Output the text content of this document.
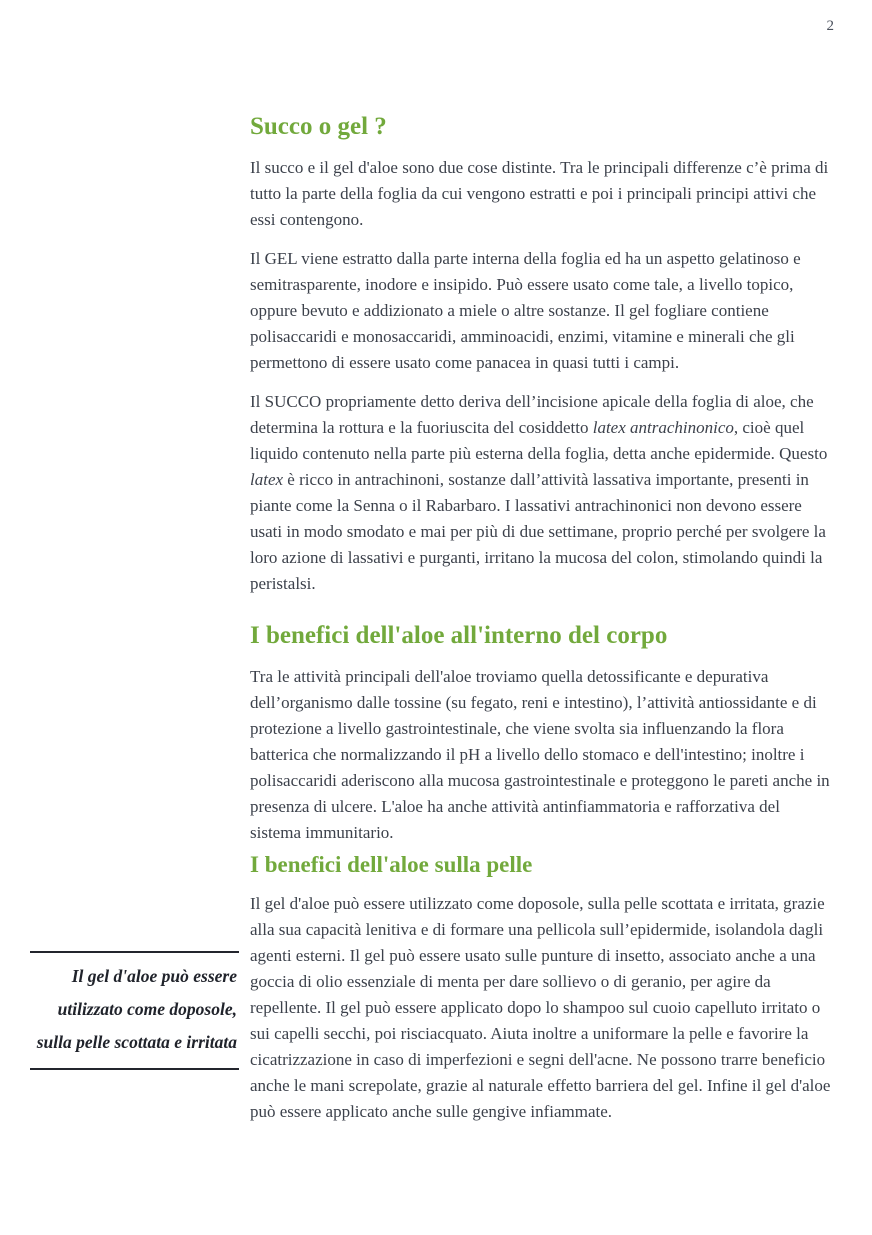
2
Succo o gel ?

Il succo e il gel d'aloe sono due cose distinte. Tra le principali differenze c’è prima di tutto la parte della foglia da cui vengono estratti e poi i principali principi attivi che essi contengono.

Il GEL viene estratto dalla parte interna della foglia ed ha un aspetto gelatinoso e semitrasparente, inodore e insipido. Può essere usato come tale, a livello topico, oppure bevuto e addizionato a miele o altre sostanze. Il gel fogliare contiene polisaccaridi e monosaccaridi, amminoacidi, enzimi, vitamine e minerali che gli permettono di essere usato come panacea in quasi tutti i campi.

Il SUCCO propriamente detto deriva dell’incisione apicale della foglia di aloe, che determina la rottura e la fuoriuscita del cosiddetto latex antrachinonico, cioè quel liquido contenuto nella parte più esterna della foglia, detta anche epidermide. Questo latex è ricco in antrachinoni, sostanze dall’attività lassativa importante, presenti in piante come la Senna o il Rabarbaro. I lassativi antrachinonici non devono essere usati in modo smodato e mai per più di due settimane, proprio perché per svolgere la loro azione di lassativi e purganti, irritano la mucosa del colon, stimolando quindi la peristalsi.

I benefici dell'aloe all'interno del corpo

Tra le attività principali dell'aloe troviamo quella detossificante e depurativa dell’organismo dalle tossine (su fegato, reni e intestino), l’attività antiossidante e di protezione a livello gastrointestinale, che viene svolta sia influenzando la flora batterica che normalizzando il pH a livello dello stomaco e dell'intestino; inoltre i polisaccaridi aderiscono alla mucosa gastrointestinale e proteggono le pareti anche in presenza di ulcere. L'aloe ha anche attività antinfiammatoria e rafforzativa del sistema immunitario.

I benefici dell'aloe sulla pelle

Il gel d'aloe può essere utilizzato come doposole, sulla pelle scottata e irritata, grazie alla sua capacità lenitiva e di formare una pellicola sull’epidermide, isolandola dagli agenti esterni. Il gel può essere usato sulle punture di insetto, associato anche a una goccia di olio essenziale di menta per dare sollievo o di geranio, per agire da repellente. Il gel può essere applicato dopo lo shampoo sul cuoio capelluto irritato o sui capelli secchi, poi risciacquato. Aiuta inoltre a uniformare la pelle e favorire la cicatrizzazione in caso di imperfezioni e segni dell'acne. Ne possono trarre beneficio anche le mani screpolate, grazie al naturale effetto barriera del gel. Infine il gel d'aloe può essere applicato anche sulle gengive infiammate.

Il gel d'aloe può essere utilizzato come doposole, sulla pelle scottata e irritata
